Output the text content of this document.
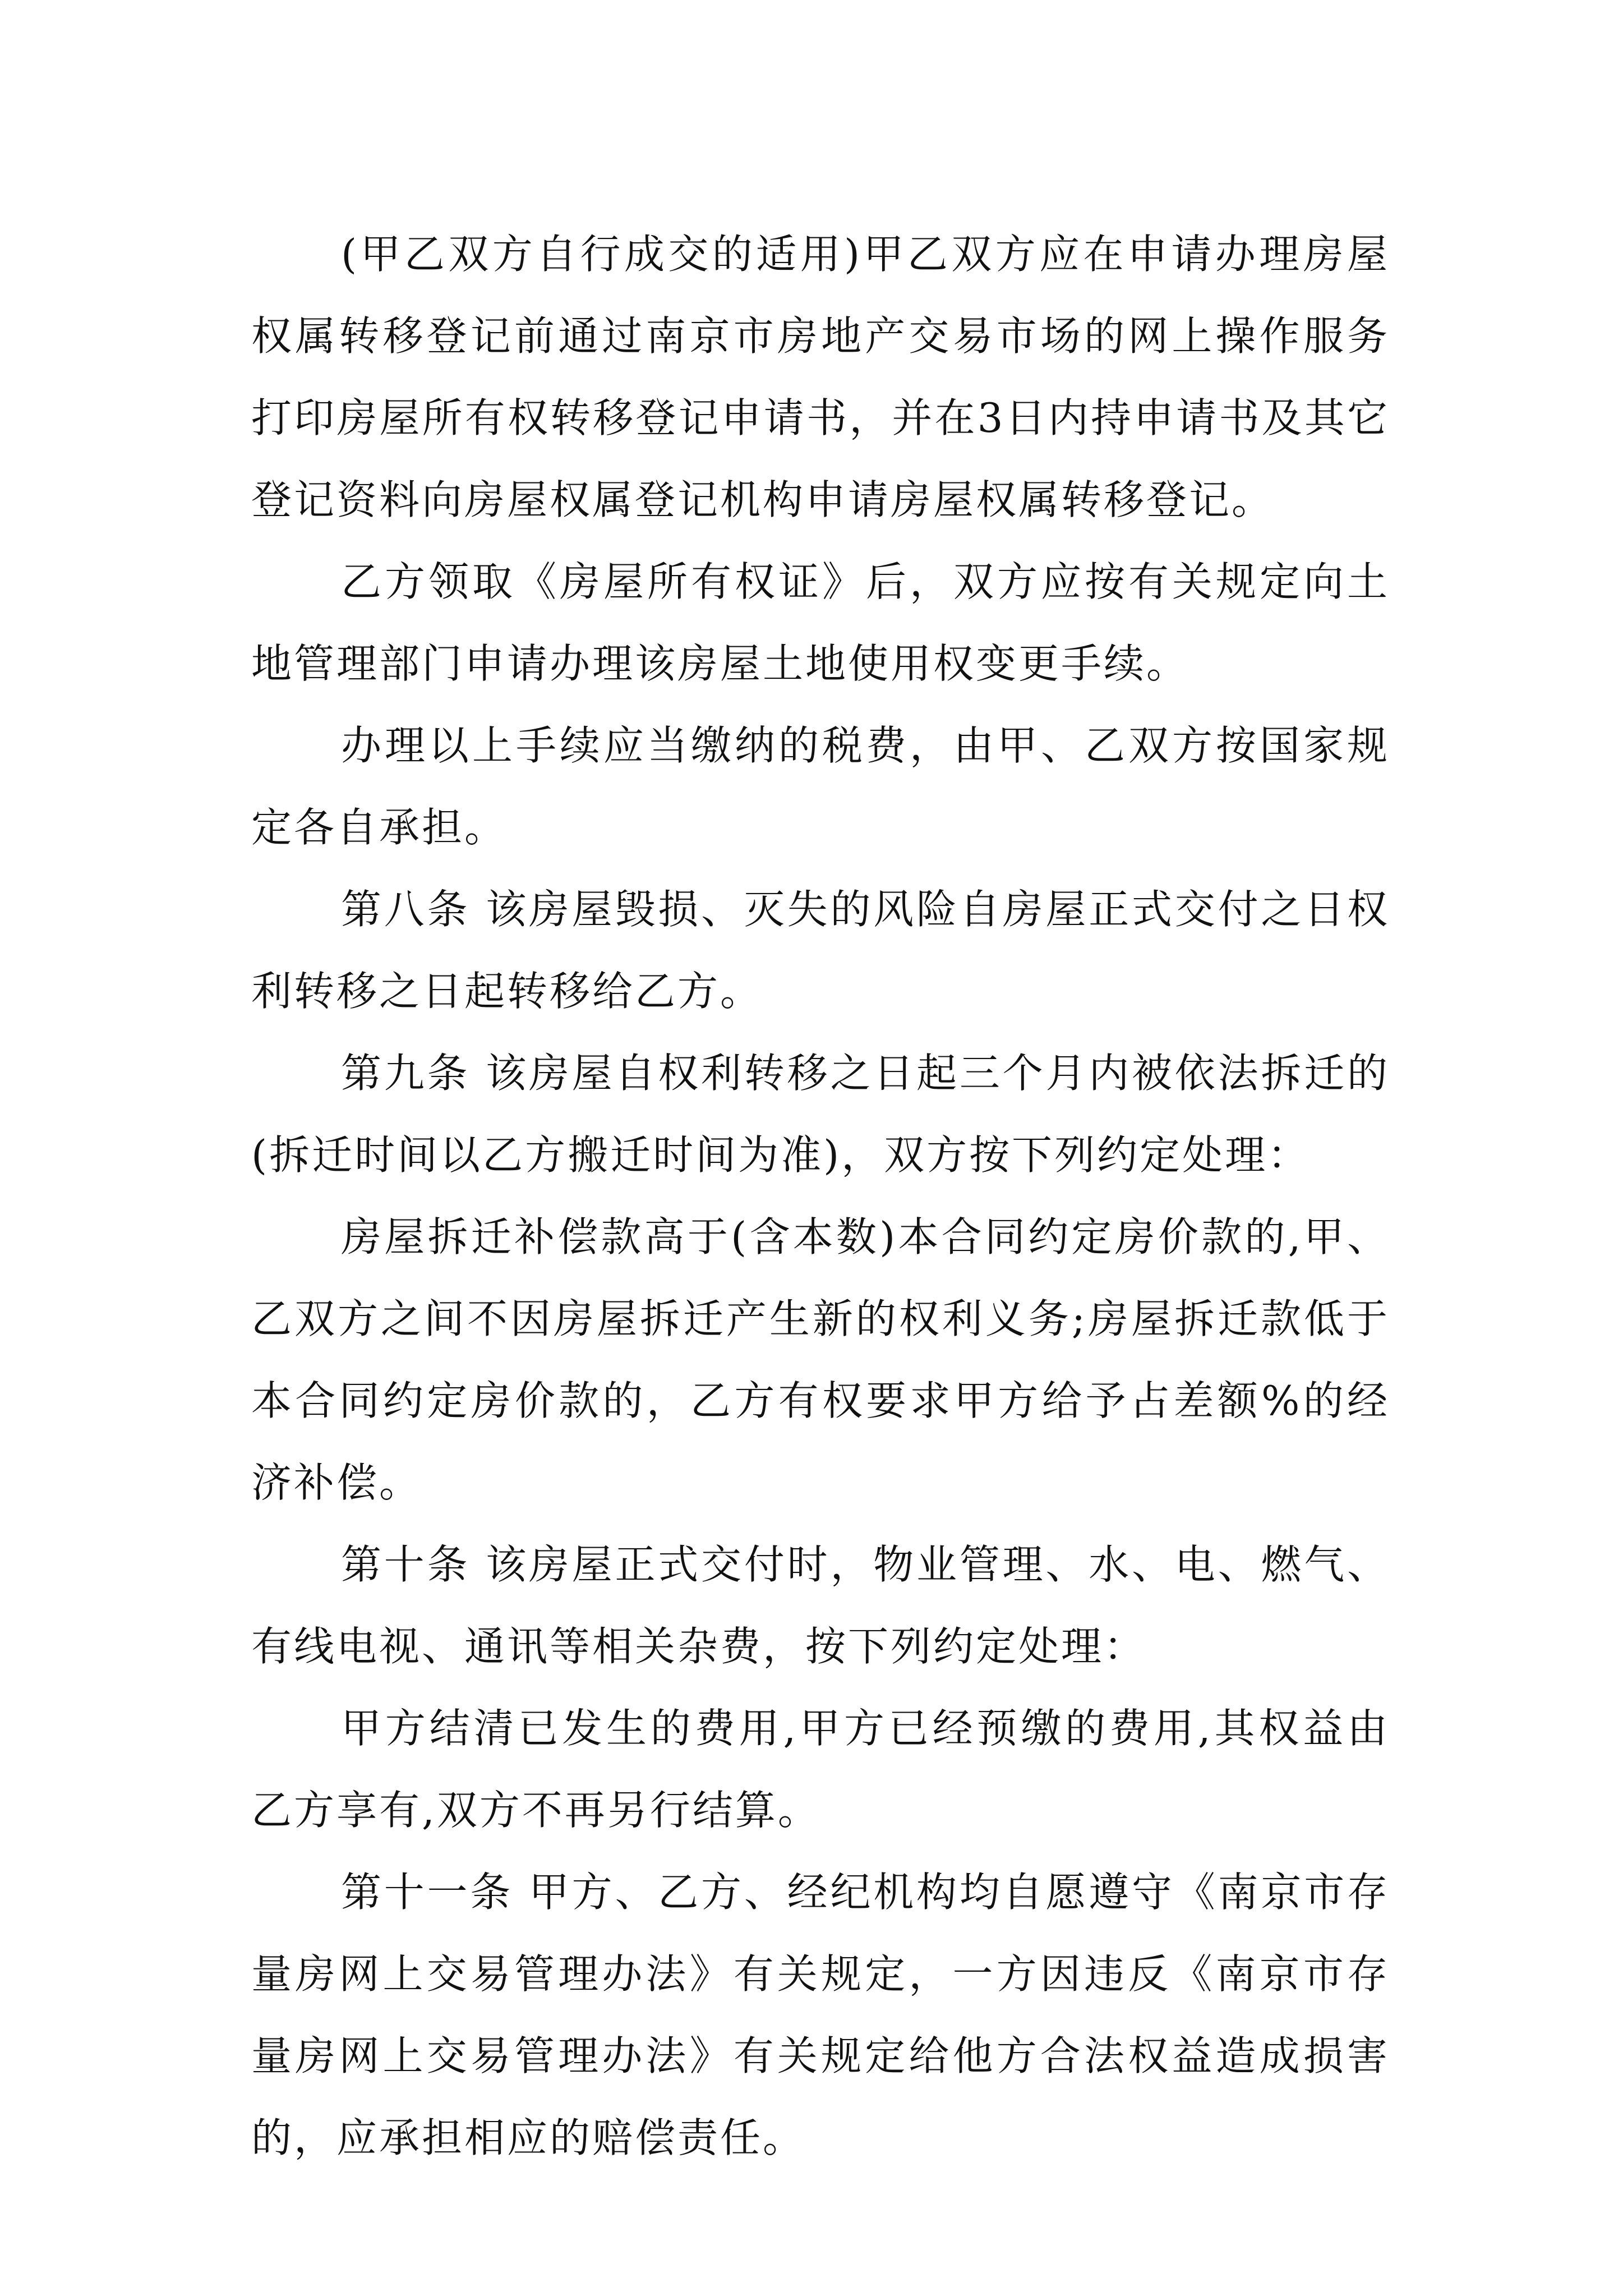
(甲乙双方自行成交的适用)甲乙双方应在申请办理房屋权属转移登记前通过南京市房地产交易市场的网上操作服务打印房屋所有权转移登记申请书，并在3日内持申请书及其它登记资料向房屋权属登记机构申请房屋权属转移登记。

乙方领取《房屋所有权证》后，双方应按有关规定向土地管理部门申请办理该房屋土地使用权变更手续。

办理以上手续应当缴纳的税费，由甲、乙双方按国家规定各自承担。

第八条 该房屋毁损、灭失的风险自房屋正式交付之日权利转移之日起转移给乙方。

第九条 该房屋自权利转移之日起三个月内被依法拆迁的(拆迁时间以乙方搬迁时间为准)，双方按下列约定处理：

房屋拆迁补偿款高于(含本数)本合同约定房价款的,甲、乙双方之间不因房屋拆迁产生新的权利义务;房屋拆迁款低于本合同约定房价款的，乙方有权要求甲方给予占差额%的经济补偿。

第十条 该房屋正式交付时，物业管理、水、电、燃气、有线电视、通讯等相关杂费，按下列约定处理：

甲方结清已发生的费用,甲方已经预缴的费用,其权益由乙方享有,双方不再另行结算。

第十一条 甲方、乙方、经纪机构均自愿遵守《南京市存量房网上交易管理办法》有关规定，一方因违反《南京市存量房网上交易管理办法》有关规定给他方合法权益造成损害的，应承担相应的赔偿责任。
